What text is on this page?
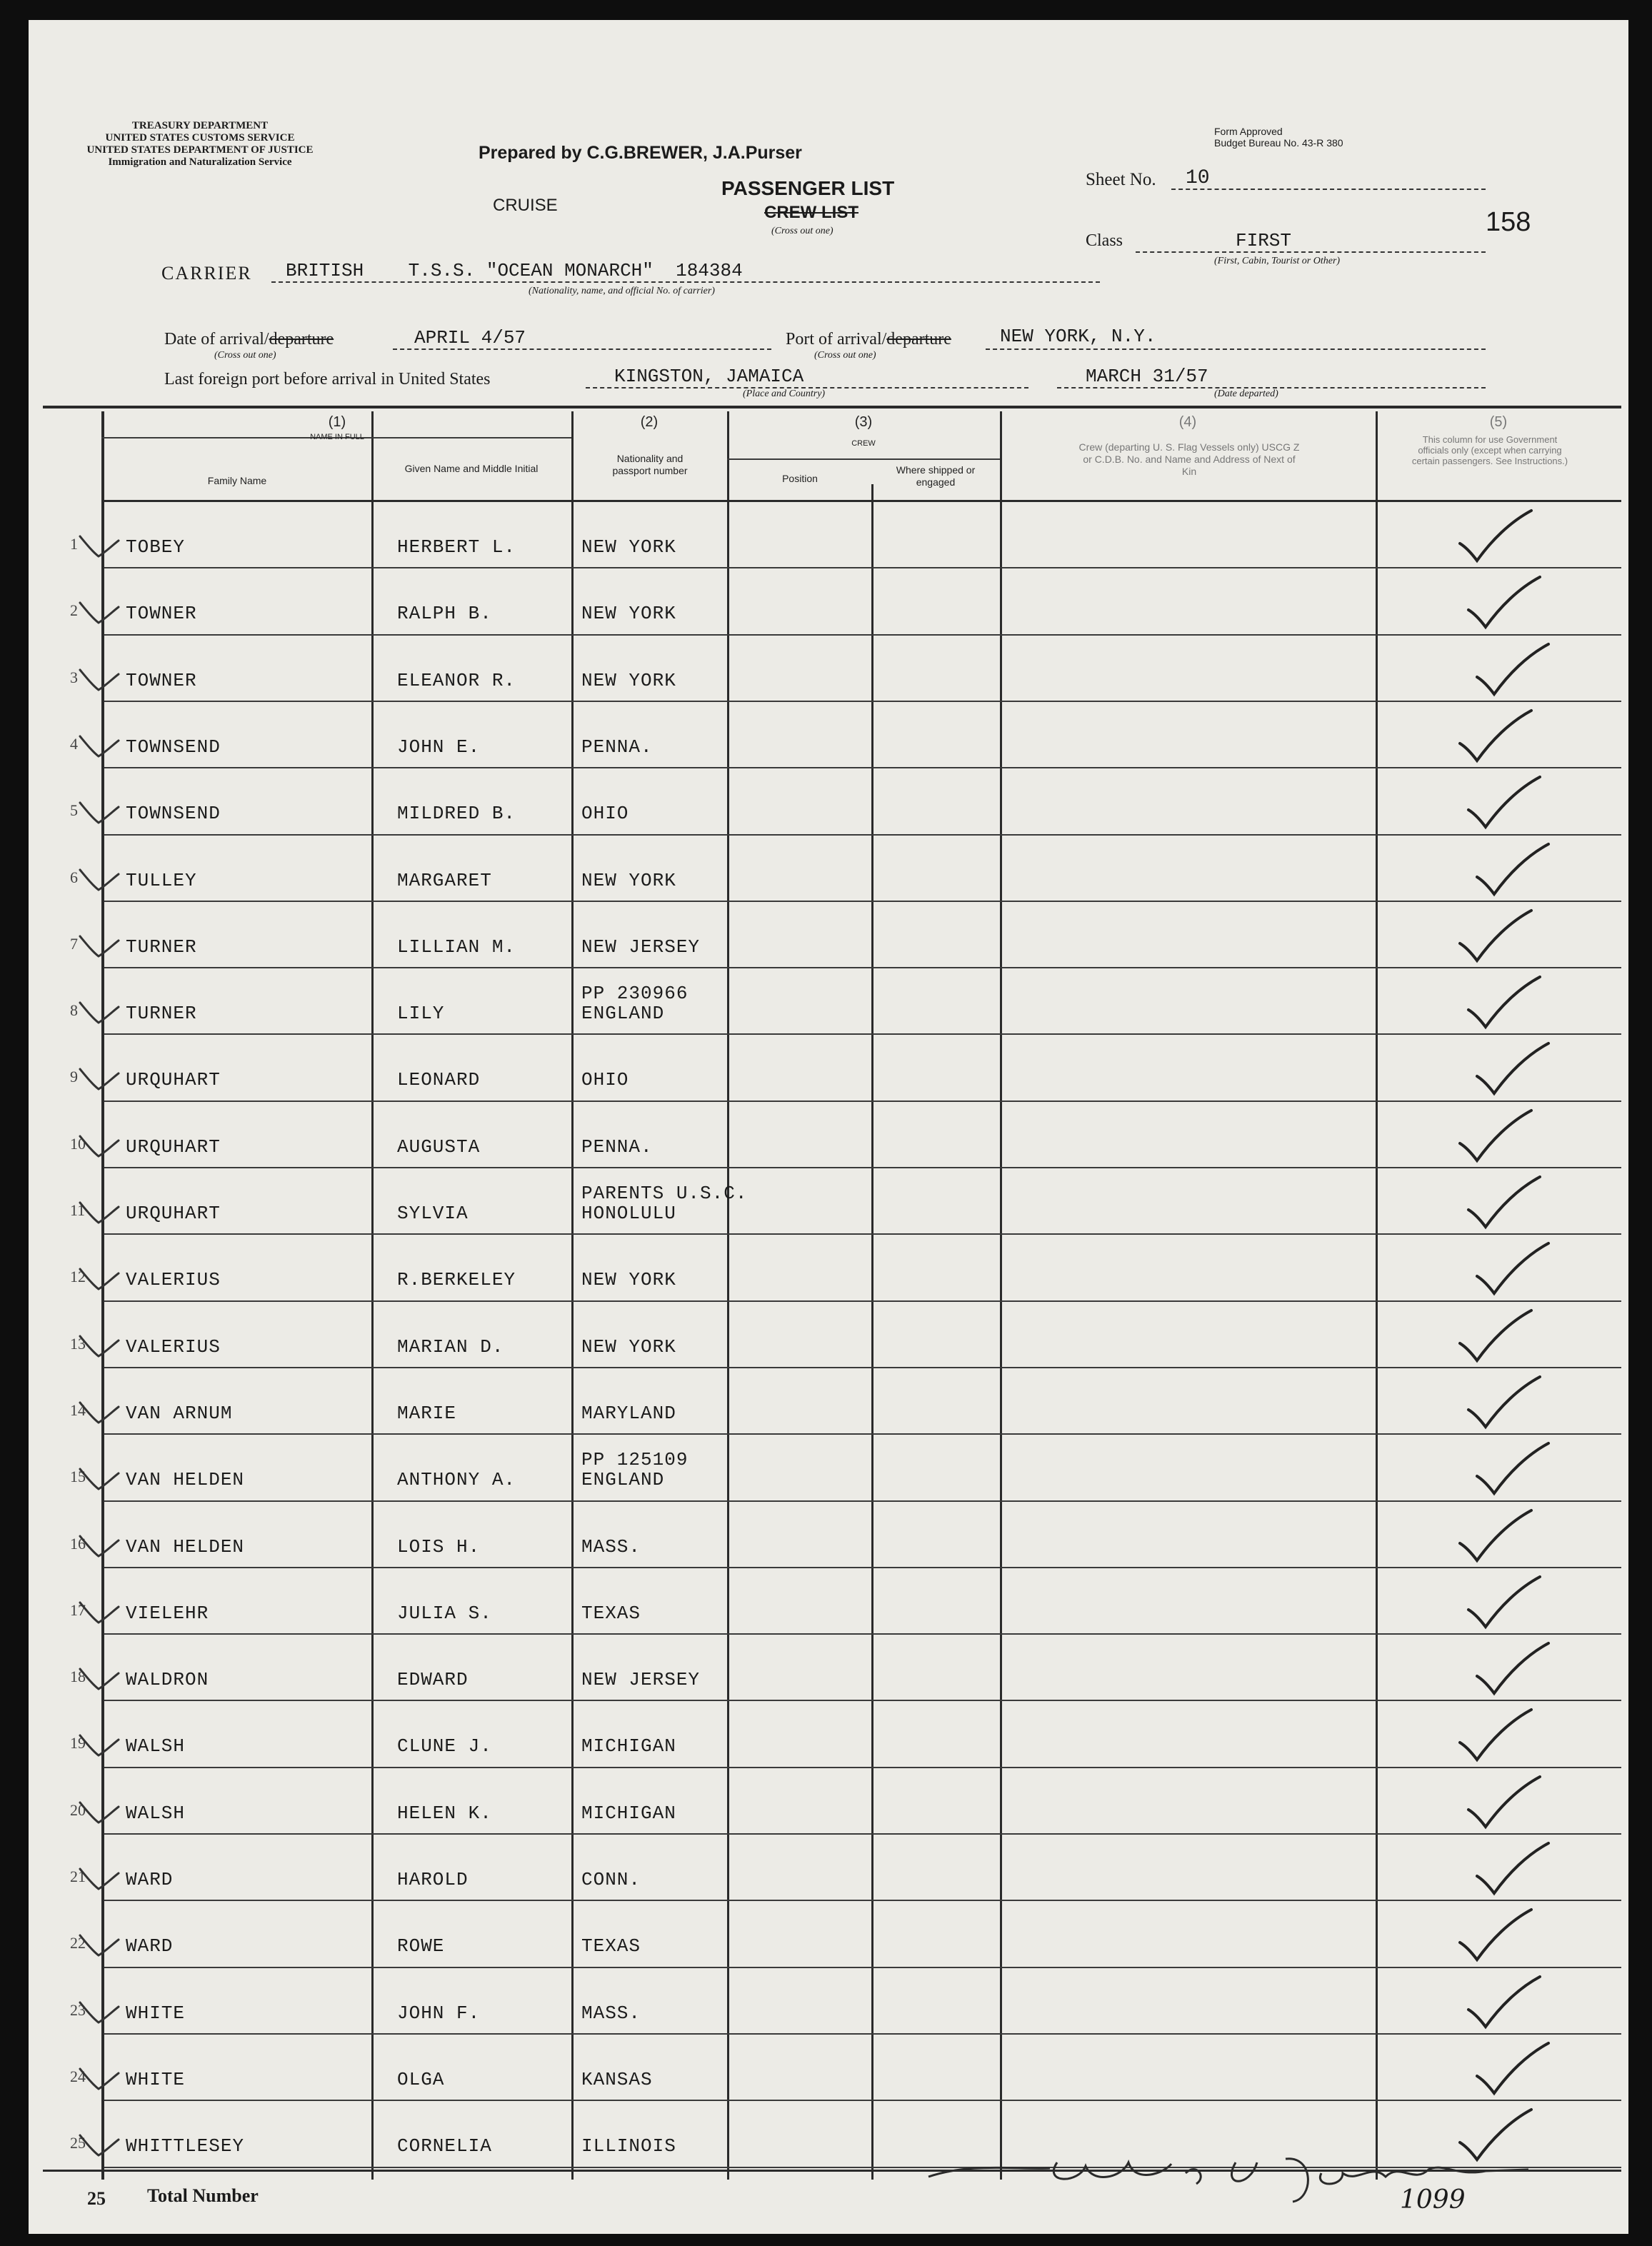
TREASURY DEPARTMENT
UNITED STATES CUSTOMS SERVICE
UNITED STATES DEPARTMENT OF JUSTICE
Immigration and Naturalization Service	Prepared by C.G.BREWER, J.A.Purser
CRUISE
PASSENGER LIST
CREW LIST
(Cross out one)
Form Approved
Budget Bureau No. 43-R 380
Sheet No. 10
158
Class	FIRST
(First, Cabin, Tourist or Other)
CARRIER BRITISH    T.S.S. "OCEAN MONARCH"  184384
(Nationality, name, and official No. of carrier)
Date of arrival/departure	APRIL 4/57
(Cross out one)
Port of arrival/departure	NEW YORK, N.Y.
(Cross out one)
Last foreign port before arrival in United States	KINGSTON, JAMAICA
(Place and Country)
MARCH 31/57
(Date departed)
(1)
NAME IN FULL
Family Name
Given Name and Middle Initial
(2)
Nationality and passport number
(3)
CREW
Position
Where shipped or engaged
(4)
Crew (departing U. S. Flag Vessels only) USCG Z or C.D.B. No. and Name and Address of Next of Kin
(5)
This column for use Government officials only (except when carrying certain passengers. See Instructions.)
1	TOBEY	HERBERT L.	NEW YORK
2	TOWNER	RALPH B.	NEW YORK
3	TOWNER	ELEANOR R.	NEW YORK
4	TOWNSEND	JOHN E.	PENNA.
5	TOWNSEND	MILDRED B.	OHIO
6	TULLEY	MARGARET	NEW YORK
7	TURNER	LILLIAN M.	NEW JERSEY
8	TURNER	LILY
PP 230966
ENGLAND
9	URQUHART	LEONARD	OHIO
10 URQUHART	AUGUSTA	PENNA.
11 URQUHART	SYLVIA
PARENTS U.S.C.
HONOLULU
12 VALERIUS	R.BERKELEY	NEW YORK
13 VALERIUS	MARIAN D.	NEW YORK
14 VAN ARNUM	MARIE	MARYLAND
15 VAN HELDEN	ANTHONY A.
PP 125109
ENGLAND
16 VAN HELDEN	LOIS H.	MASS.
17 VIELEHR	JULIA S.	TEXAS
18 WALDRON	EDWARD	NEW JERSEY
19 WALSH	CLUNE J.	MICHIGAN
20 WALSH	HELEN K.	MICHIGAN
21 WARD	HAROLD	CONN.
22 WARD	ROWE	TEXAS
23 WHITE	JOHN F.	MASS.
24 WHITE	OLGA	KANSAS
25 WHITTLESEY	CORNELIA	ILLINOIS
25 Total Number	1099
